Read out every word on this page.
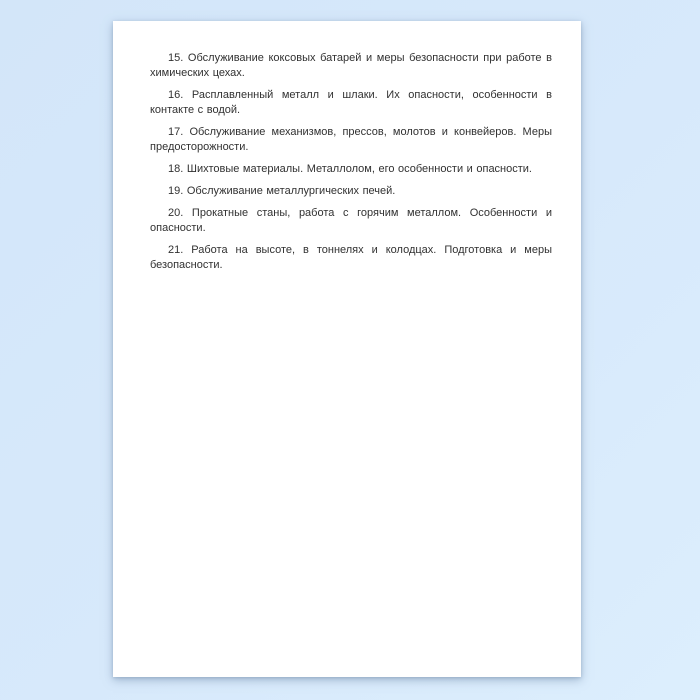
15. Обслуживание коксовых батарей и меры безопасности при работе в химических цехах.

16. Расплавленный металл и шлаки. Их опасности, особенности в контакте с водой.

17. Обслуживание механизмов, прессов, молотов и конвейеров. Меры предосторожности.

18. Шихтовые материалы. Металлолом, его особенности и опасности.

19. Обслуживание металлургических печей.

20. Прокатные станы, работа с горячим металлом. Особенности и опасности.

21. Работа на высоте, в тоннелях и колодцах. Подготовка и меры безопасности.
